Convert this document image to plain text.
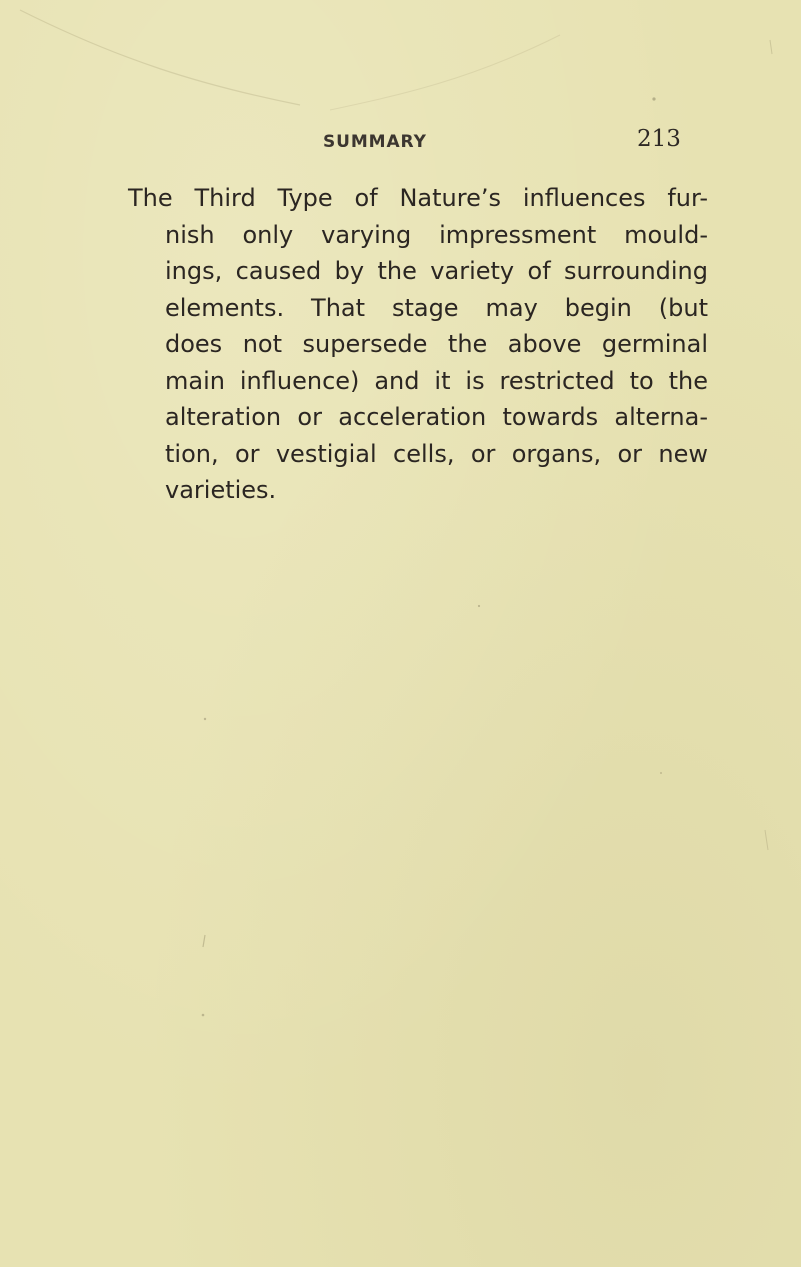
SUMMARY	213

The Third Type of Nature’s influences fur-
nish only varying impressment mould-
ings, caused by the variety of surrounding
elements. That stage may begin (but
does not supersede the above germinal
main influence) and it is restricted to the
alteration or acceleration towards alterna-
tion, or vestigial cells, or organs, or new
varieties.
